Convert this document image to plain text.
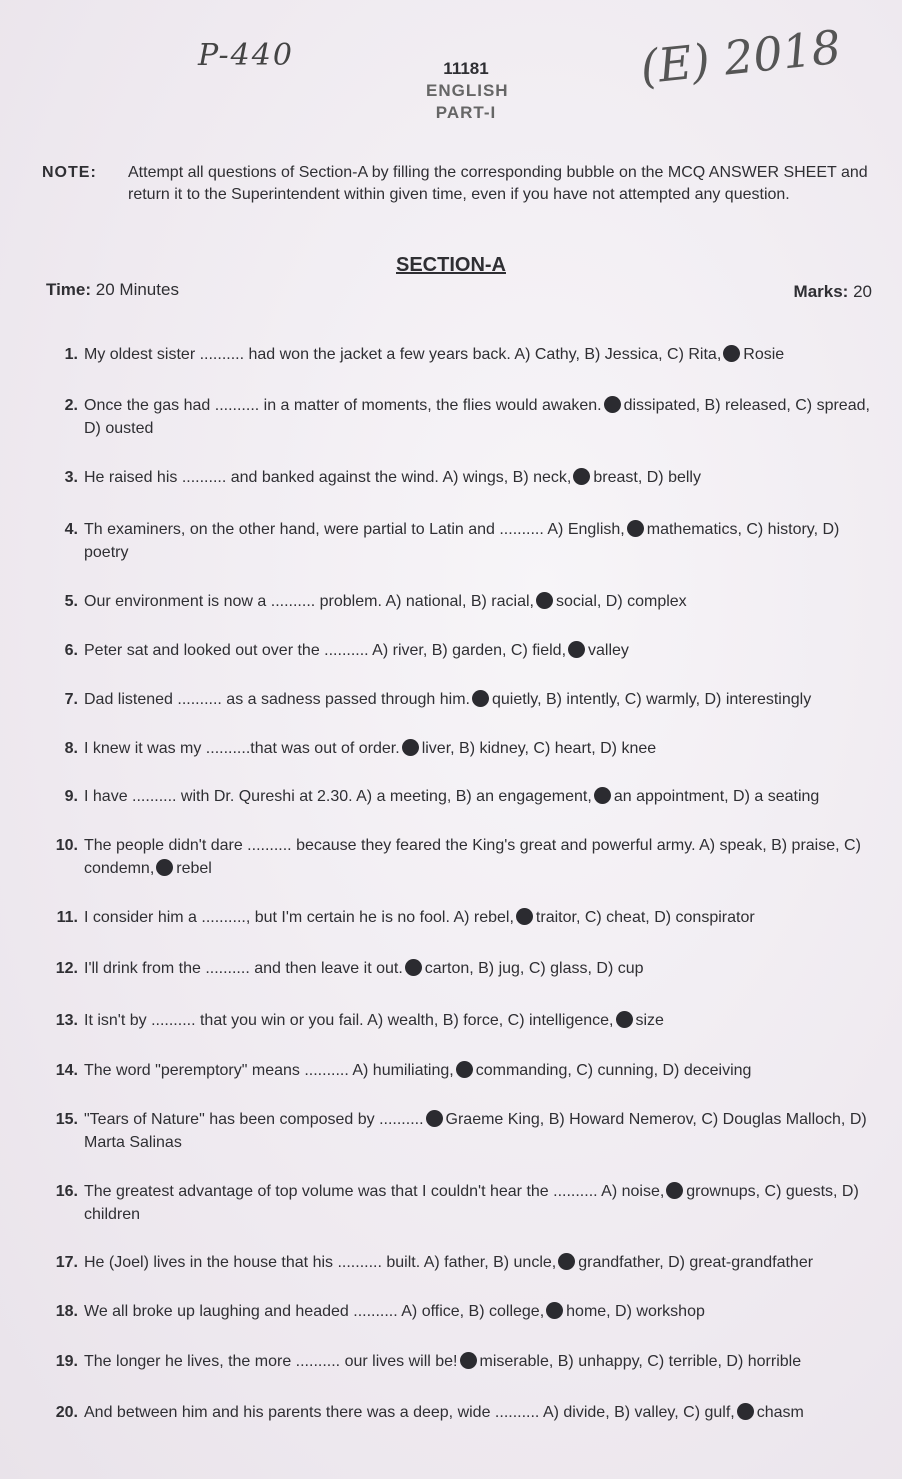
P-440	(E) 2018
11181
ENGLISH
PART-I
NOTE: Attempt all questions of Section-A by filling the corresponding bubble on the MCQ ANSWER SHEET and return it to the Superintendent within given time, even if you have not attempted any question.
SECTION-A
Time: 20 Minutes	Marks: 20
1. My oldest sister .......... had won the jacket a few years back. A) Cathy, B) Jessica, C) Rita, Rosie
2. Once the gas had .......... in a matter of moments, the flies would awaken. dissipated, B) released, C) spread, D) ousted
3. He raised his .......... and banked against the wind. A) wings, B) neck, breast, D) belly
4. Th examiners, on the other hand, were partial to Latin and .......... A) English, mathematics, C) history, D) poetry
5. Our environment is now a .......... problem. A) national, B) racial, social, D) complex
6. Peter sat and looked out over the .......... A) river, B) garden, C) field, valley
7. Dad listened .......... as a sadness passed through him. quietly, B) intently, C) warmly, D) interestingly
8. I knew it was my ..........that was out of order. liver, B) kidney, C) heart, D) knee
9. I have .......... with Dr. Qureshi at 2.30. A) a meeting, B) an engagement, an appointment, D) a seating
10. The people didn't dare .......... because they feared the King's great and powerful army. A) speak, B) praise, C) condemn, rebel
11. I consider him a .........., but I'm certain he is no fool. A) rebel, traitor, C) cheat, D) conspirator
12. I'll drink from the .......... and then leave it out. carton, B) jug, C) glass, D) cup
13. It isn't by .......... that you win or you fail. A) wealth, B) force, C) intelligence, size
14. The word "peremptory" means .......... A) humiliating, commanding, C) cunning, D) deceiving
15. "Tears of Nature" has been composed by .......... Graeme King, B) Howard Nemerov, C) Douglas Malloch, D) Marta Salinas
16. The greatest advantage of top volume was that I couldn't hear the .......... A) noise, grownups, C) guests, D) children
17. He (Joel) lives in the house that his .......... built. A) father, B) uncle, grandfather, D) great-grandfather
18. We all broke up laughing and headed .......... A) office, B) college, home, D) workshop
19. The longer he lives, the more .......... our lives will be! miserable, B) unhappy, C) terrible, D) horrible
20. And between him and his parents there was a deep, wide .......... A) divide, B) valley, C) gulf, chasm
